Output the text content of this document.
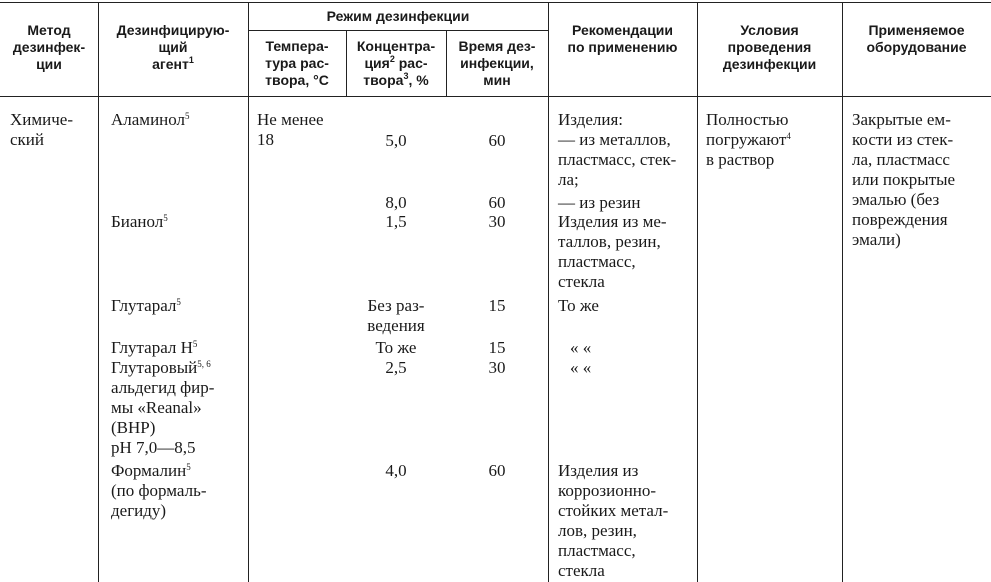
Метод
дезинфек-
ции
Дезинфицирую-
щий
агент$^1$
Режим дезинфекции
Темпера-
тура рас-
твора, °С
Концентра-
ция$^2$ рас-
твора$^3$, %
Время дез-
инфекции,
мин
Рекомендации
по применению
Условия
проведения
дезинфекции
Применяемое
оборудование
Химиче-
ский
Аламинол$^5$
Бианол$^5$
Глутарал$^5$
Глутарал $Н^5$
Глутаровый$^{5, 6}$
альдегид фир-
мы «Reanal»
(ВНР)
pH 7,0—8,5
Формалин$^5$
(по формаль-
дегиду)
Не менее
18	5,0
8,0
1,5
Без раз-
ведения
То же
2,5
4,0
60
60
30
15
15
30
60
Изделия:
— из металлов,
пластмасс, стек-
ла;
— из резин
Изделия из ме-
таллов, резин,
пластмасс,
стекла
То же
« «
« «
Изделия из
коррозионно-
стойких метал-
лов, резин,
пластмасс,
стекла
Полностью
погружают$^4$
в раствор
Закрытые ем-
кости из стек-
ла, пластмасс
или покрытые
эмалью (без
повреждения
эмали)
